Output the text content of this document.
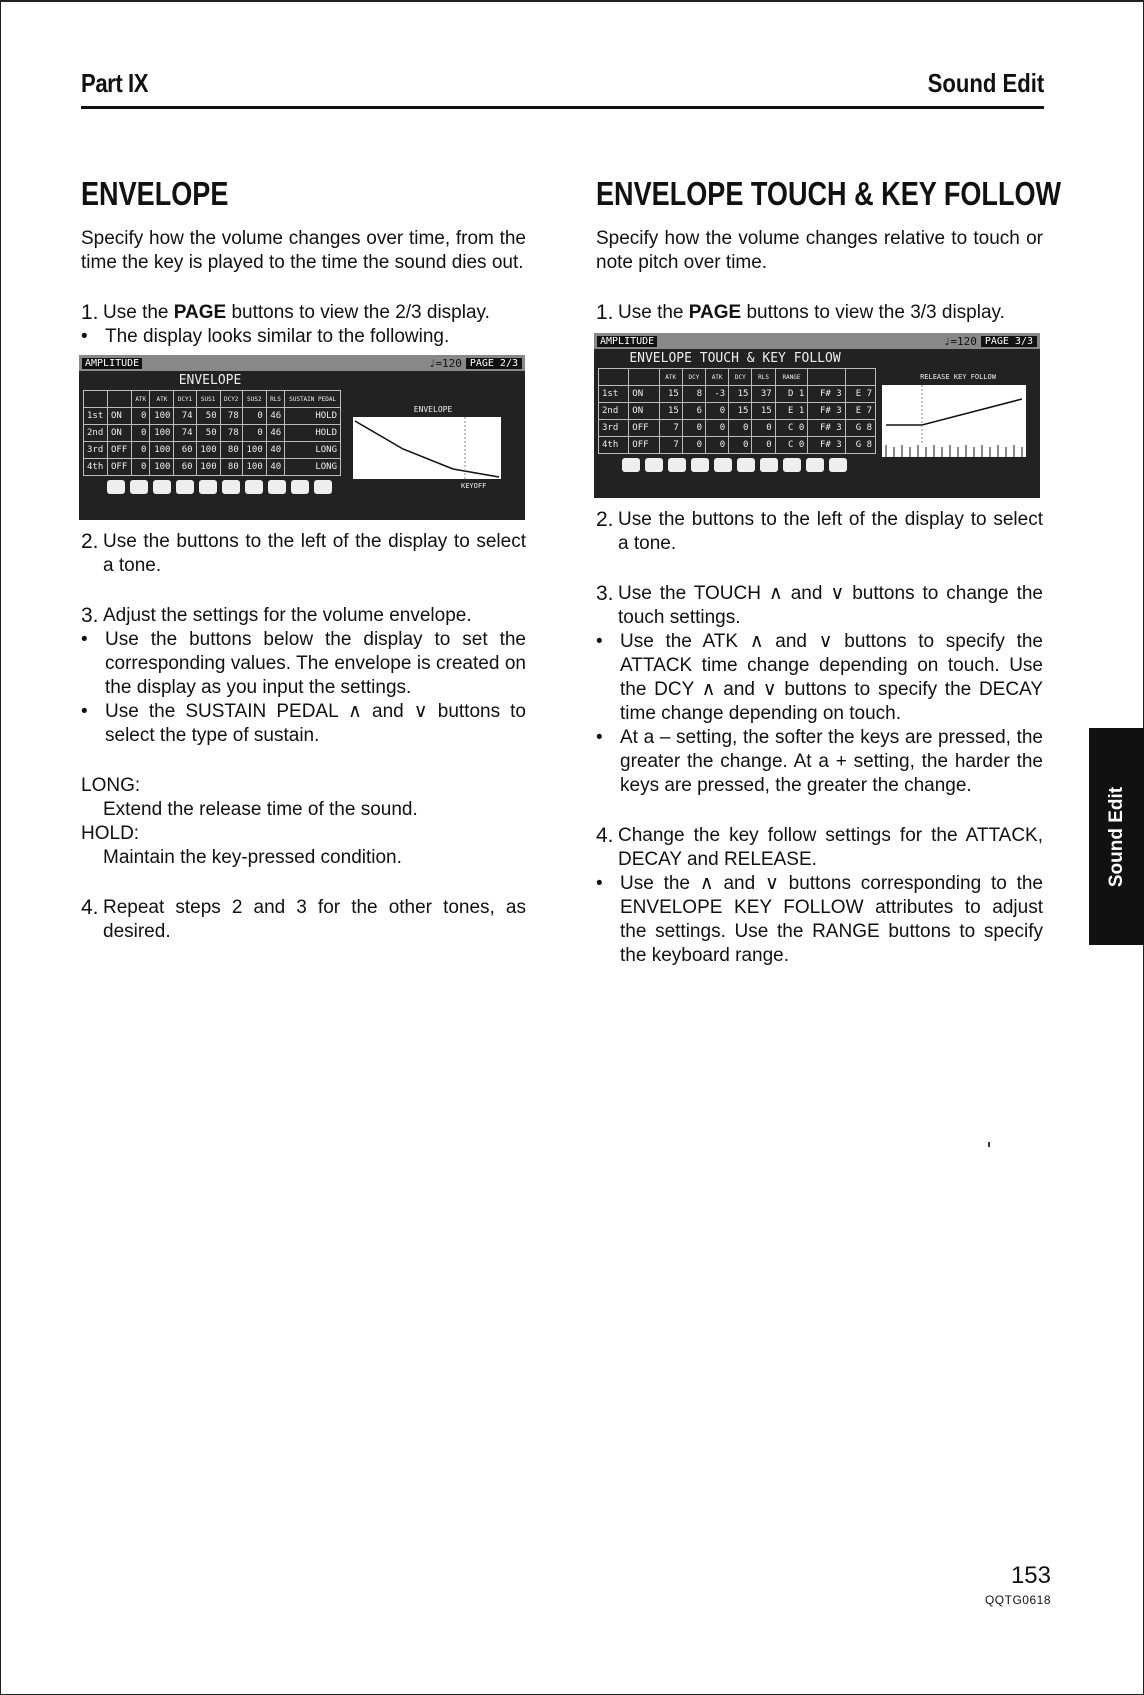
Part IX	Sound Edit
ENVELOPE

Specify how the volume changes over time, from the time the key is played to the time the sound dies out.

1. Use the PAGE buttons to view the 2/3 display.
• The display looks similar to the following.
AMPLITUDE	♩=120 PAGE 2/3
ENVELOPE
		ATK	ATK	DCY1	SUS1	DCY2	SUS2	RLS	SUSTAIN PEDAL
1st	ON	0	100	74	50	78	0	46	HOLD
2nd	ON	0	100	74	50	78	0	46	HOLD
3rd	OFF	0	100	60	100	80	100	40	LONG
4th	OFF	0	100	60	100	80	100	40	LONG
ENVELOPE
KEYOFF
2. Use the buttons to the left of the display to select a tone.
3. Adjust the settings for the volume envelope.
• Use the buttons below the display to set the corresponding values. The envelope is created on the display as you input the settings.
• Use the SUSTAIN PEDAL ∧ and ∨ buttons to select the type of sustain.
LONG:
Extend the release time of the sound.
HOLD:
Maintain the key-pressed condition.
4. Repeat steps 2 and 3 for the other tones, as desired.
ENVELOPE TOUCH & KEY FOLLOW

Specify how the volume changes relative to touch or note pitch over time.

1. Use the PAGE buttons to view the 3/3 display.
AMPLITUDE	♩=120 PAGE 3/3
ENVELOPE TOUCH & KEY FOLLOW
		ATK	DCY	ATK	DCY	RLS	RANGE		
1st	ON	15	8	-3	15	37	D 1	F# 3	E 7
2nd	ON	15	6	0	15	15	E 1	F# 3	E 7
3rd	OFF	7	0	0	0	0	C 0	F# 3	G 8
4th	OFF	7	0	0	0	0	C 0	F# 3	G 8
RELEASE KEY FOLLOW
2. Use the buttons to the left of the display to select a tone.
3. Use the TOUCH ∧ and ∨ buttons to change the touch settings.
• Use the ATK ∧ and ∨ buttons to specify the ATTACK time change depending on touch. Use the DCY ∧ and ∨ buttons to specify the DECAY time change depending on touch.
• At a – setting, the softer the keys are pressed, the greater the change. At a + setting, the harder the keys are pressed, the greater the change.
4. Change the key follow settings for the ATTACK, DECAY and RELEASE.
• Use the ∧ and ∨ buttons corresponding to the ENVELOPE KEY FOLLOW attributes to adjust the settings. Use the RANGE buttons to specify the keyboard range.
Sound Edit
153
QQTG0618
